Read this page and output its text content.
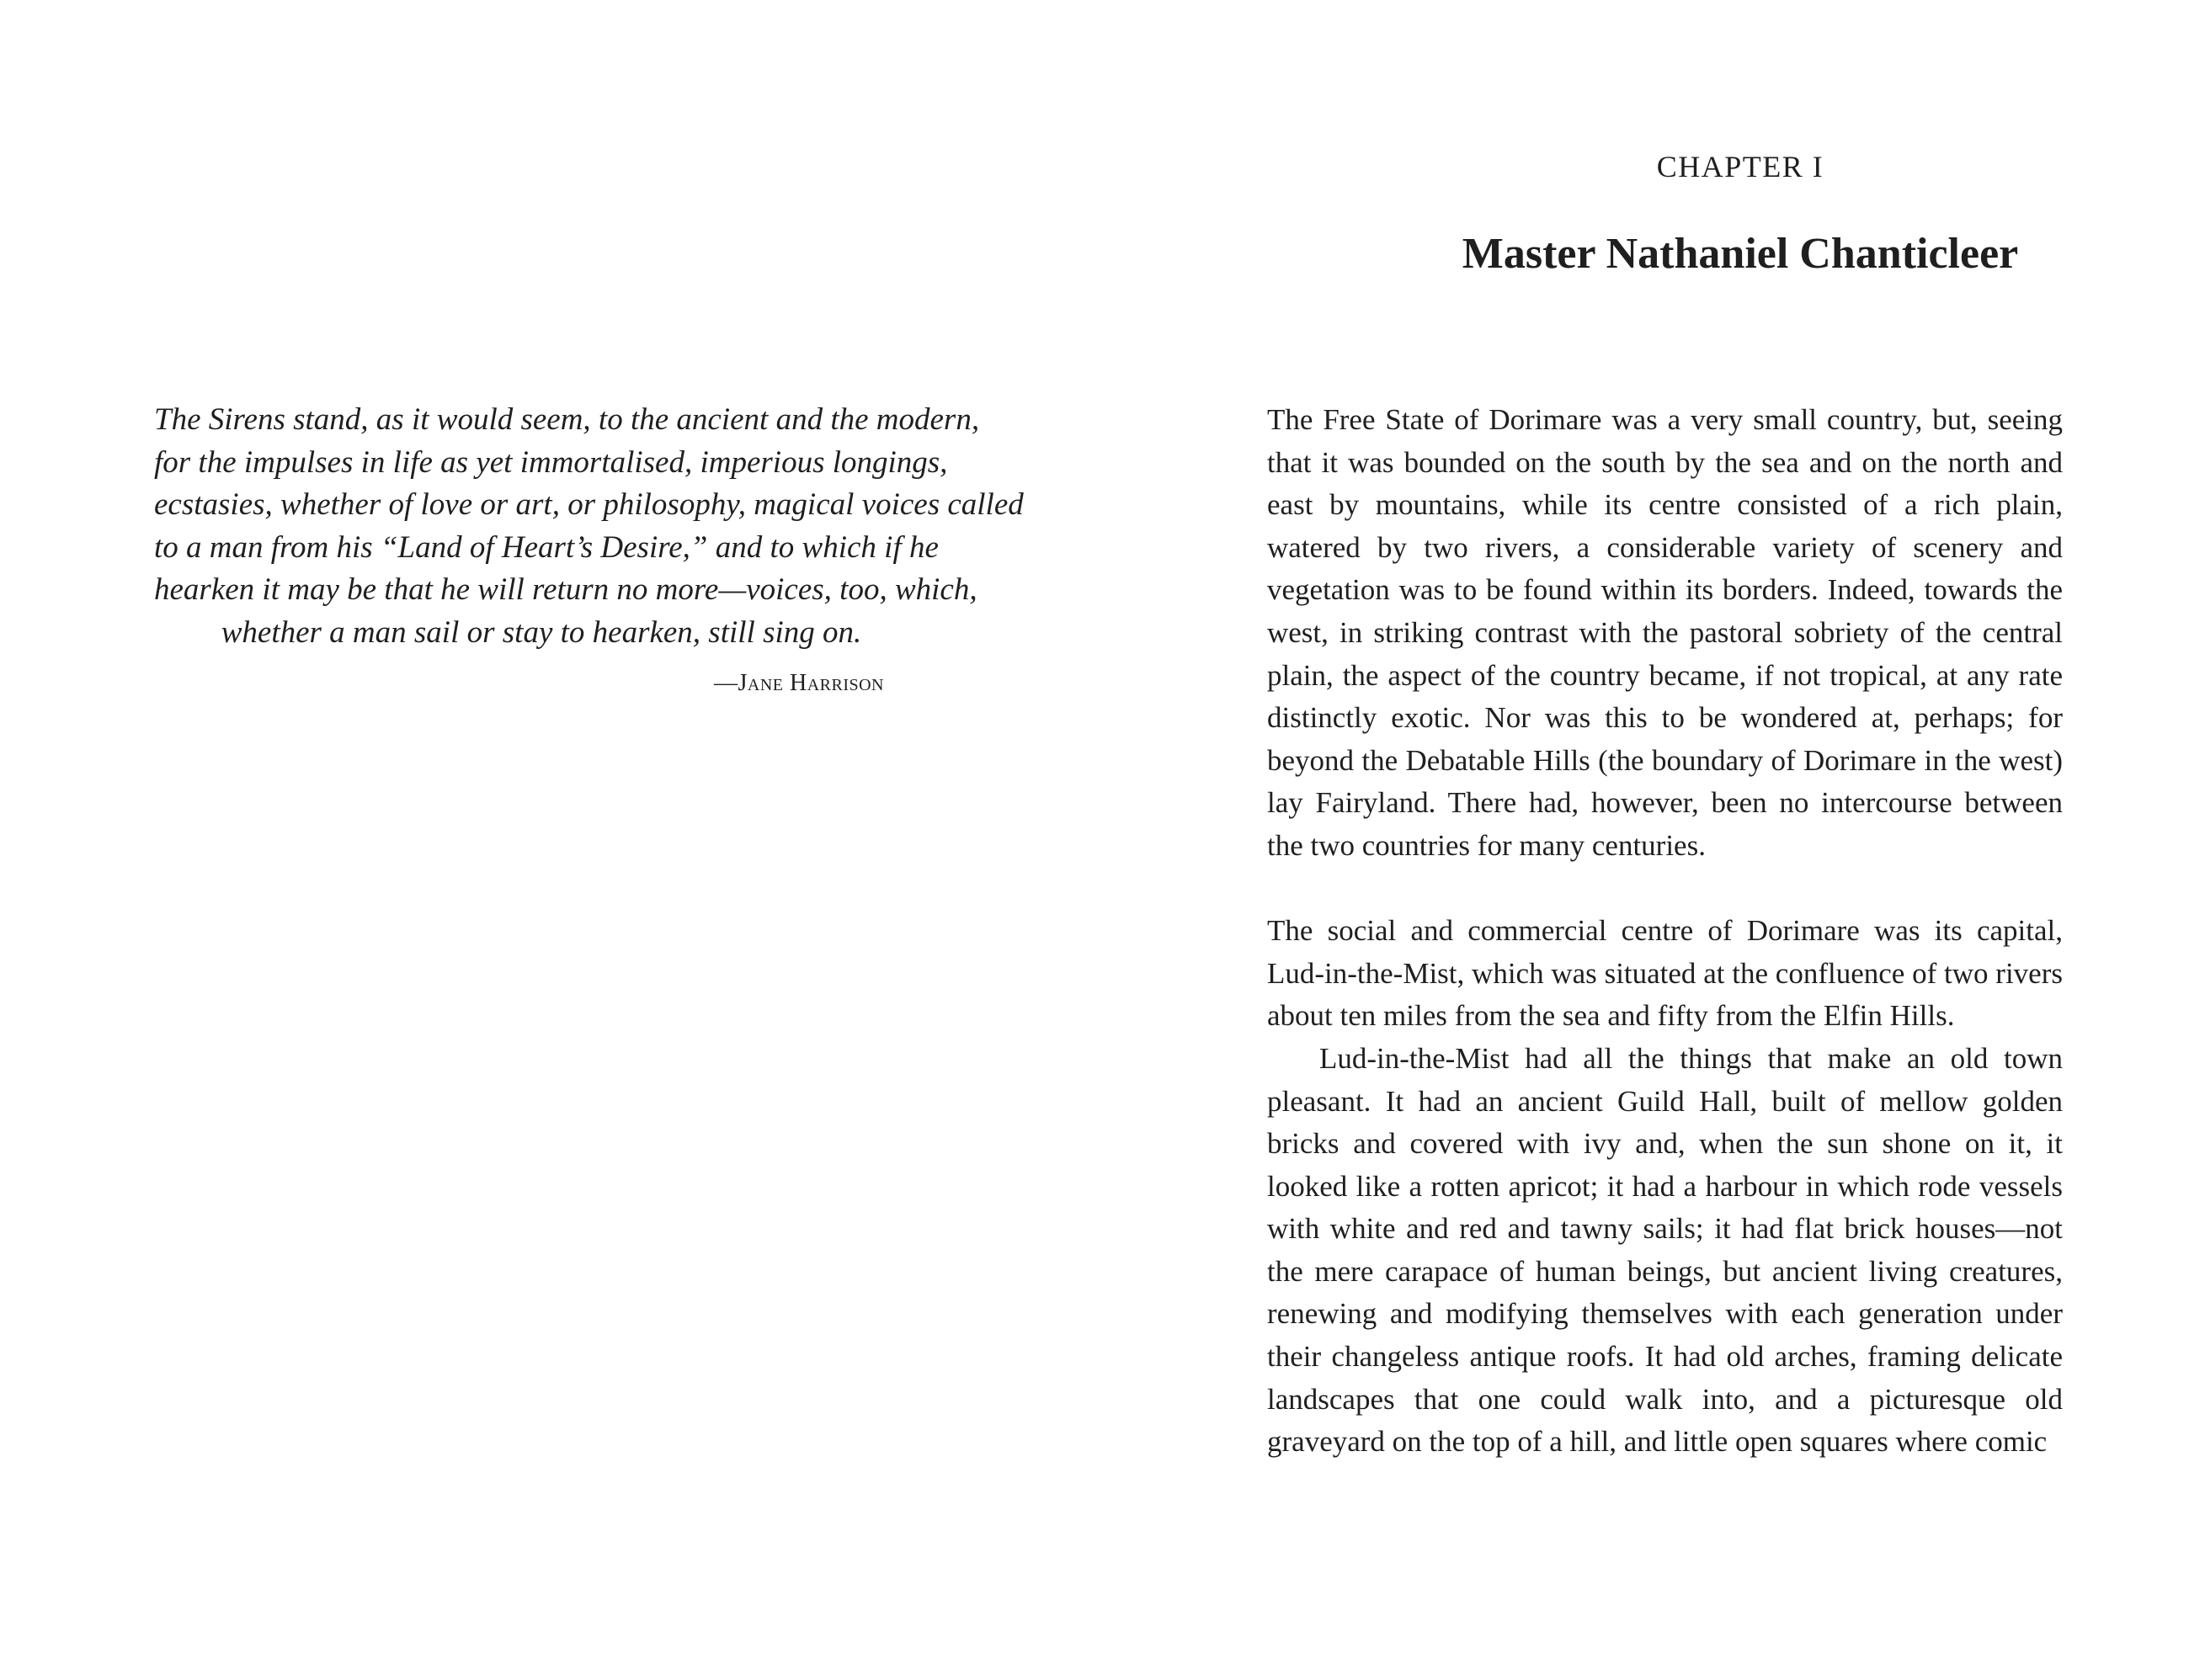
The Sirens stand, as it would seem, to the ancient and the modern,
for the impulses in life as yet immortalised, imperious longings,
ecstasies, whether of love or art, or philosophy, magical voices called
to a man from his “Land of Heart’s Desire,” and to which if he
hearken it may be that he will return no more—voices, too, which,
whether a man sail or stay to hearken, still sing on.

—Jane Harrison
CHAPTER I
Master Nathaniel Chanticleer

The Free State of Dorimare was a very small country, but, seeing that it was bounded on the south by the sea and on the north and east by mountains, while its centre consisted of a rich plain, watered by two rivers, a considerable variety of scenery and vegetation was to be found within its borders. Indeed, towards the west, in striking contrast with the pastoral sobriety of the central plain, the aspect of the country became, if not tropical, at any rate distinctly exotic. Nor was this to be wondered at, perhaps; for beyond the Debatable Hills (the boundary of Dorimare in the west) lay Fairyland. There had, however, been no intercourse between the two countries for many centuries.

The social and commercial centre of Dorimare was its capital, Lud-in-the-Mist, which was situated at the confluence of two rivers about ten miles from the sea and fifty from the Elfin Hills.

Lud-in-the-Mist had all the things that make an old town pleasant. It had an ancient Guild Hall, built of mellow golden bricks and covered with ivy and, when the sun shone on it, it looked like a rotten apricot; it had a harbour in which rode vessels with white and red and tawny sails; it had flat brick houses—not the mere carapace of human beings, but ancient living creatures, renewing and modifying themselves with each generation under their changeless antique roofs. It had old arches, framing delicate landscapes that one could walk into, and a picturesque old graveyard on the top of a hill, and little open squares where comic
